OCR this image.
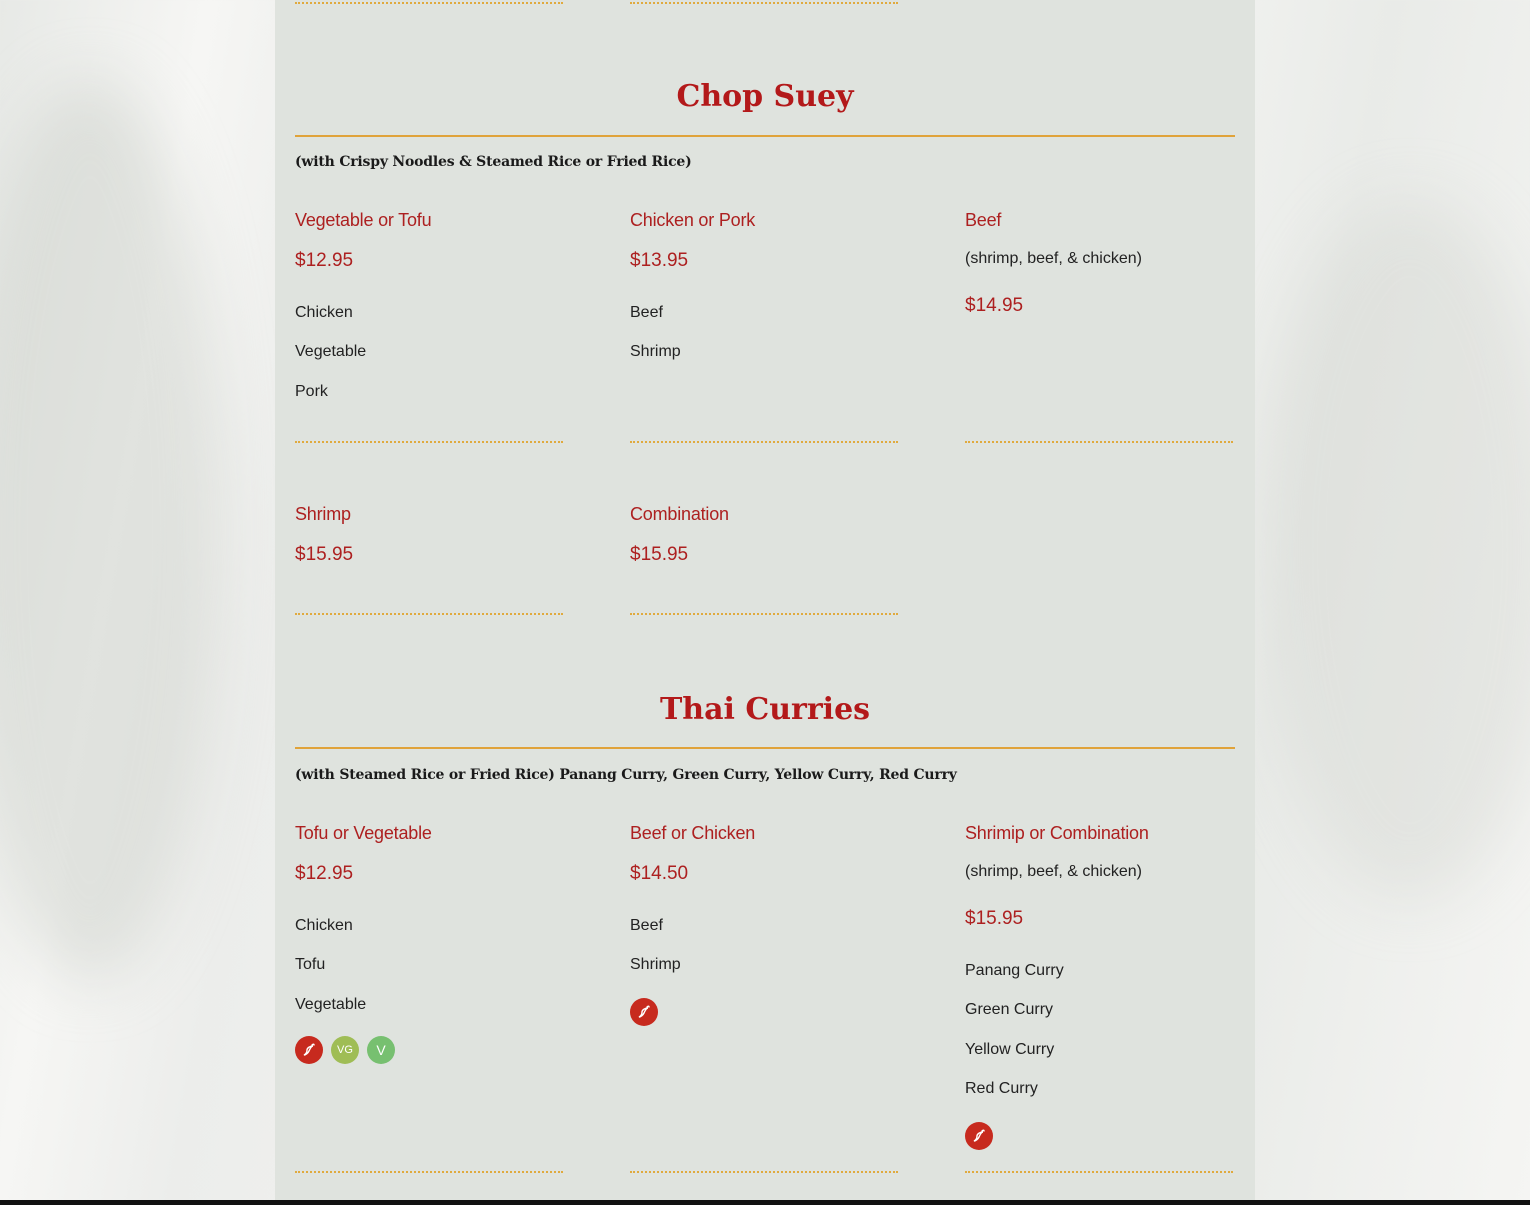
Chop Suey
(with Crispy Noodles & Steamed Rice or Fried Rice)
Vegetable or Tofu
$12.95
Chicken
Vegetable
Pork
Chicken or Pork
$13.95
Beef
Shrimp
Beef
(shrimp, beef, & chicken)
$14.95
Shrimp
$15.95
Combination
$15.95
Thai Curries
(with Steamed Rice or Fried Rice) Panang Curry, Green Curry, Yellow Curry, Red Curry
Tofu or Vegetable
$12.95
Chicken
Tofu
Vegetable
VG	V
Beef or Chicken
$14.50
Beef
Shrimp
Shrimip or Combination
(shrimp, beef, & chicken)
$15.95
Panang Curry
Green Curry
Yellow Curry
Red Curry
